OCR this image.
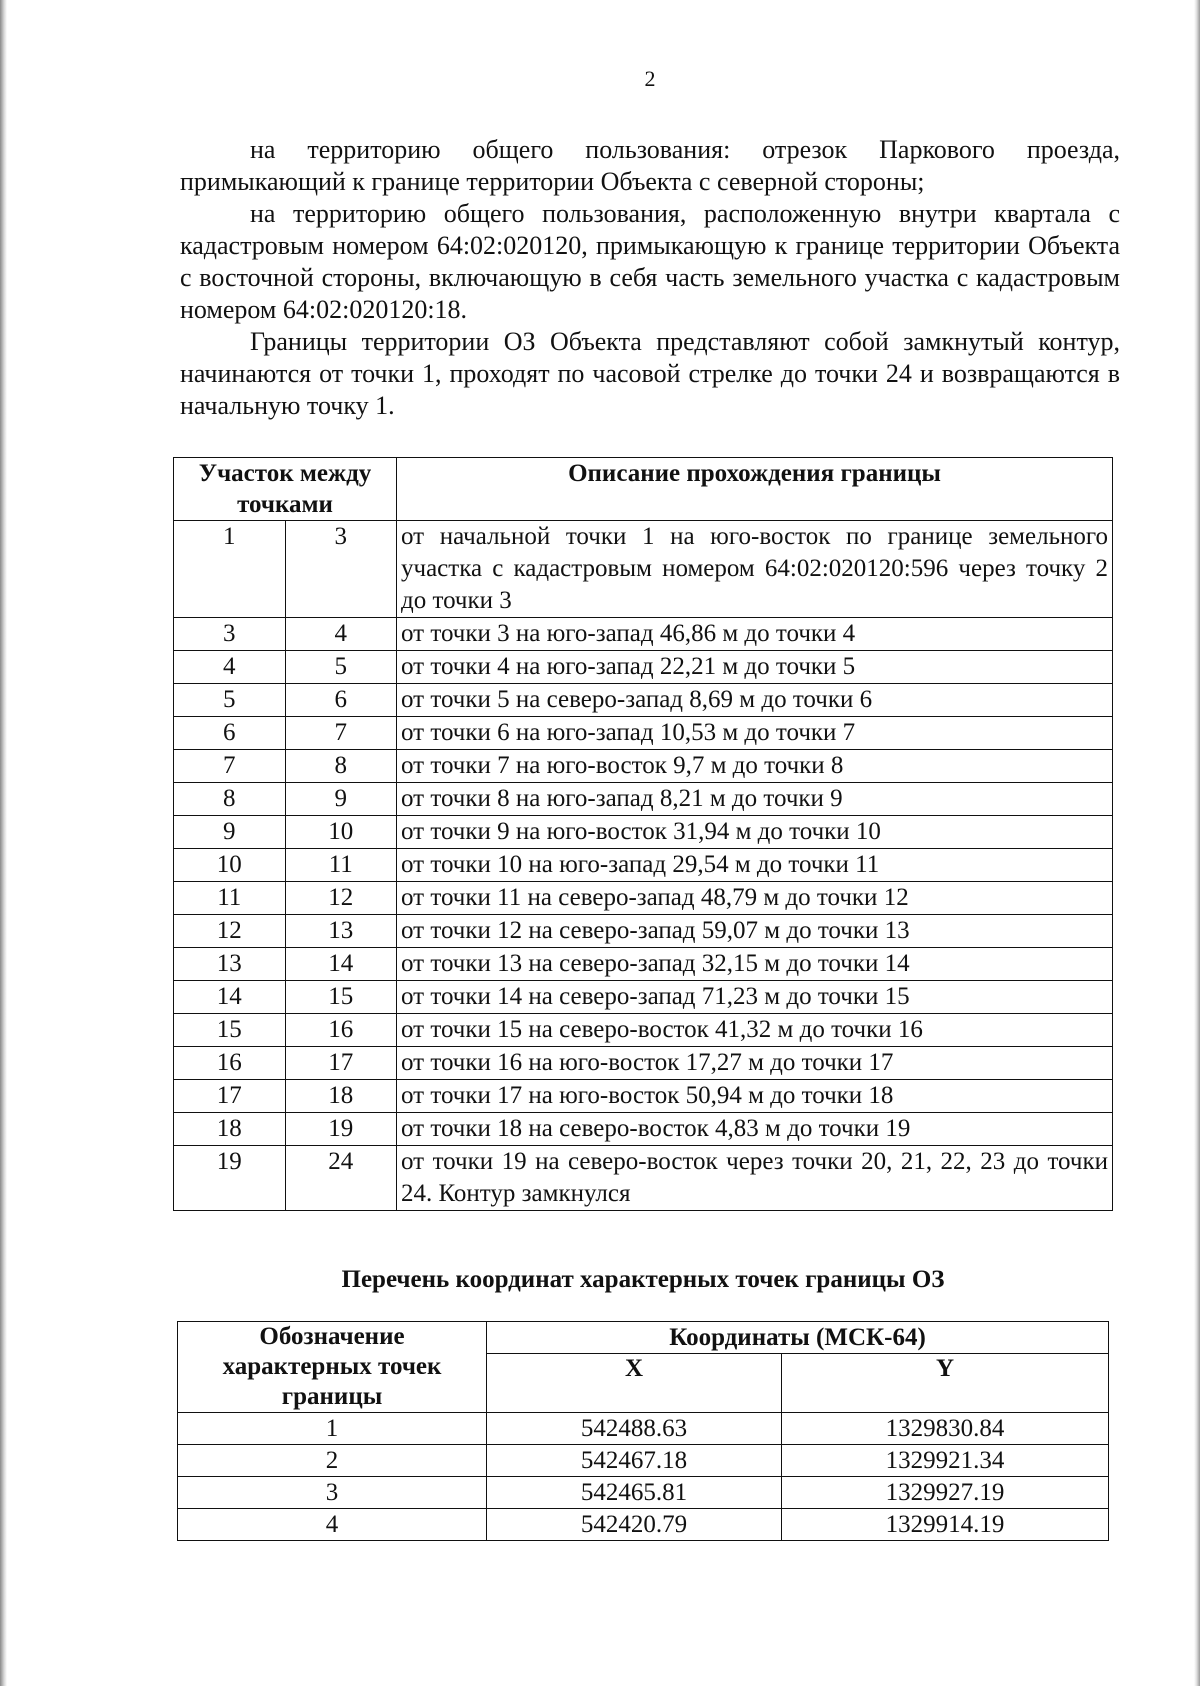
2

на территорию общего пользования: отрезок Паркового проезда, примыкающий к границе территории Объекта с северной стороны;

на территорию общего пользования, расположенную внутри квартала с кадастровым номером 64:02:020120, примыкающую к границе территории Объекта с восточной стороны, включающую в себя часть земельного участка с кадастровым номером 64:02:020120:18.

Границы территории ОЗ Объекта представляют собой замкнутый контур, начинаются от точки 1, проходят по часовой стрелке до точки 24 и возвращаются в начальную точку 1.

Участок между точками		Описание прохождения границы
1	3	от начальной точки 1 на юго-восток по границе земельного участка с кадастровым номером 64:02:020120:596 через точку 2 до точки 3
3	4	от точки 3 на юго-запад 46,86 м до точки 4
4	5	от точки 4 на юго-запад 22,21 м до точки 5
5	6	от точки 5 на северо-запад 8,69 м до точки 6
6	7	от точки 6 на юго-запад 10,53 м до точки 7
7	8	от точки 7 на юго-восток 9,7 м до точки 8
8	9	от точки 8 на юго-запад 8,21 м до точки 9
9	10	от точки 9 на юго-восток 31,94 м до точки 10
10	11	от точки 10 на юго-запад 29,54 м до точки 11
11	12	от точки 11 на северо-запад 48,79 м до точки 12
12	13	от точки 12 на северо-запад 59,07 м до точки 13
13	14	от точки 13 на северо-запад 32,15 м до точки 14
14	15	от точки 14 на северо-запад 71,23 м до точки 15
15	16	от точки 15 на северо-восток 41,32 м до точки 16
16	17	от точки 16 на юго-восток 17,27 м до точки 17
17	18	от точки 17 на юго-восток 50,94 м до точки 18
18	19	от точки 18 на северо-восток 4,83 м до точки 19
19	24	от точки 19 на северо-восток через точки 20, 21, 22, 23 до точки 24. Контур замкнулся
Перечень координат характерных точек границы ОЗ
Обозначение характерных точек границы	Координаты (МСК-64)	
	X	Y
1	542488.63	1329830.84
2	542467.18	1329921.34
3	542465.81	1329927.19
4	542420.79	1329914.19
